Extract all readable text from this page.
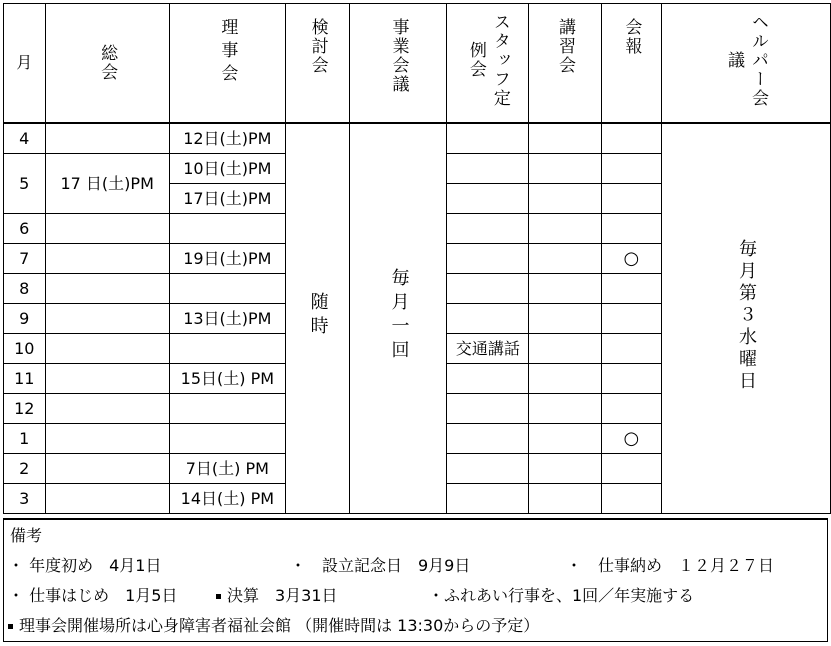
月	総会	理事会	検討会	事業会議	スタッフ定例会	講習会	会報	ヘルパー会議

4		12日(土)PM	随時	毎月一回				毎月第３水曜日
5	17 日(土)PM	10日(土)PM						
		17日(土)PM						
6								
7		19日(土)PM					○	
8								
9		13日(土)PM						
10					交通講話			
11		15日(土) PM						
12								
1							○	
2		7日(土) PM						
3		14日(土) PM						
備考
・ 年度初め　4月1日	・　設立記念日　9月9日	・　仕事納め　１２月２７日
・ 仕事はじめ　1月5日	決算　3月31日	・ふれあい行事を、1回／年実施する
理事会開催場所は心身障害者福祉会館 （開催時間は 13:30からの予定）
